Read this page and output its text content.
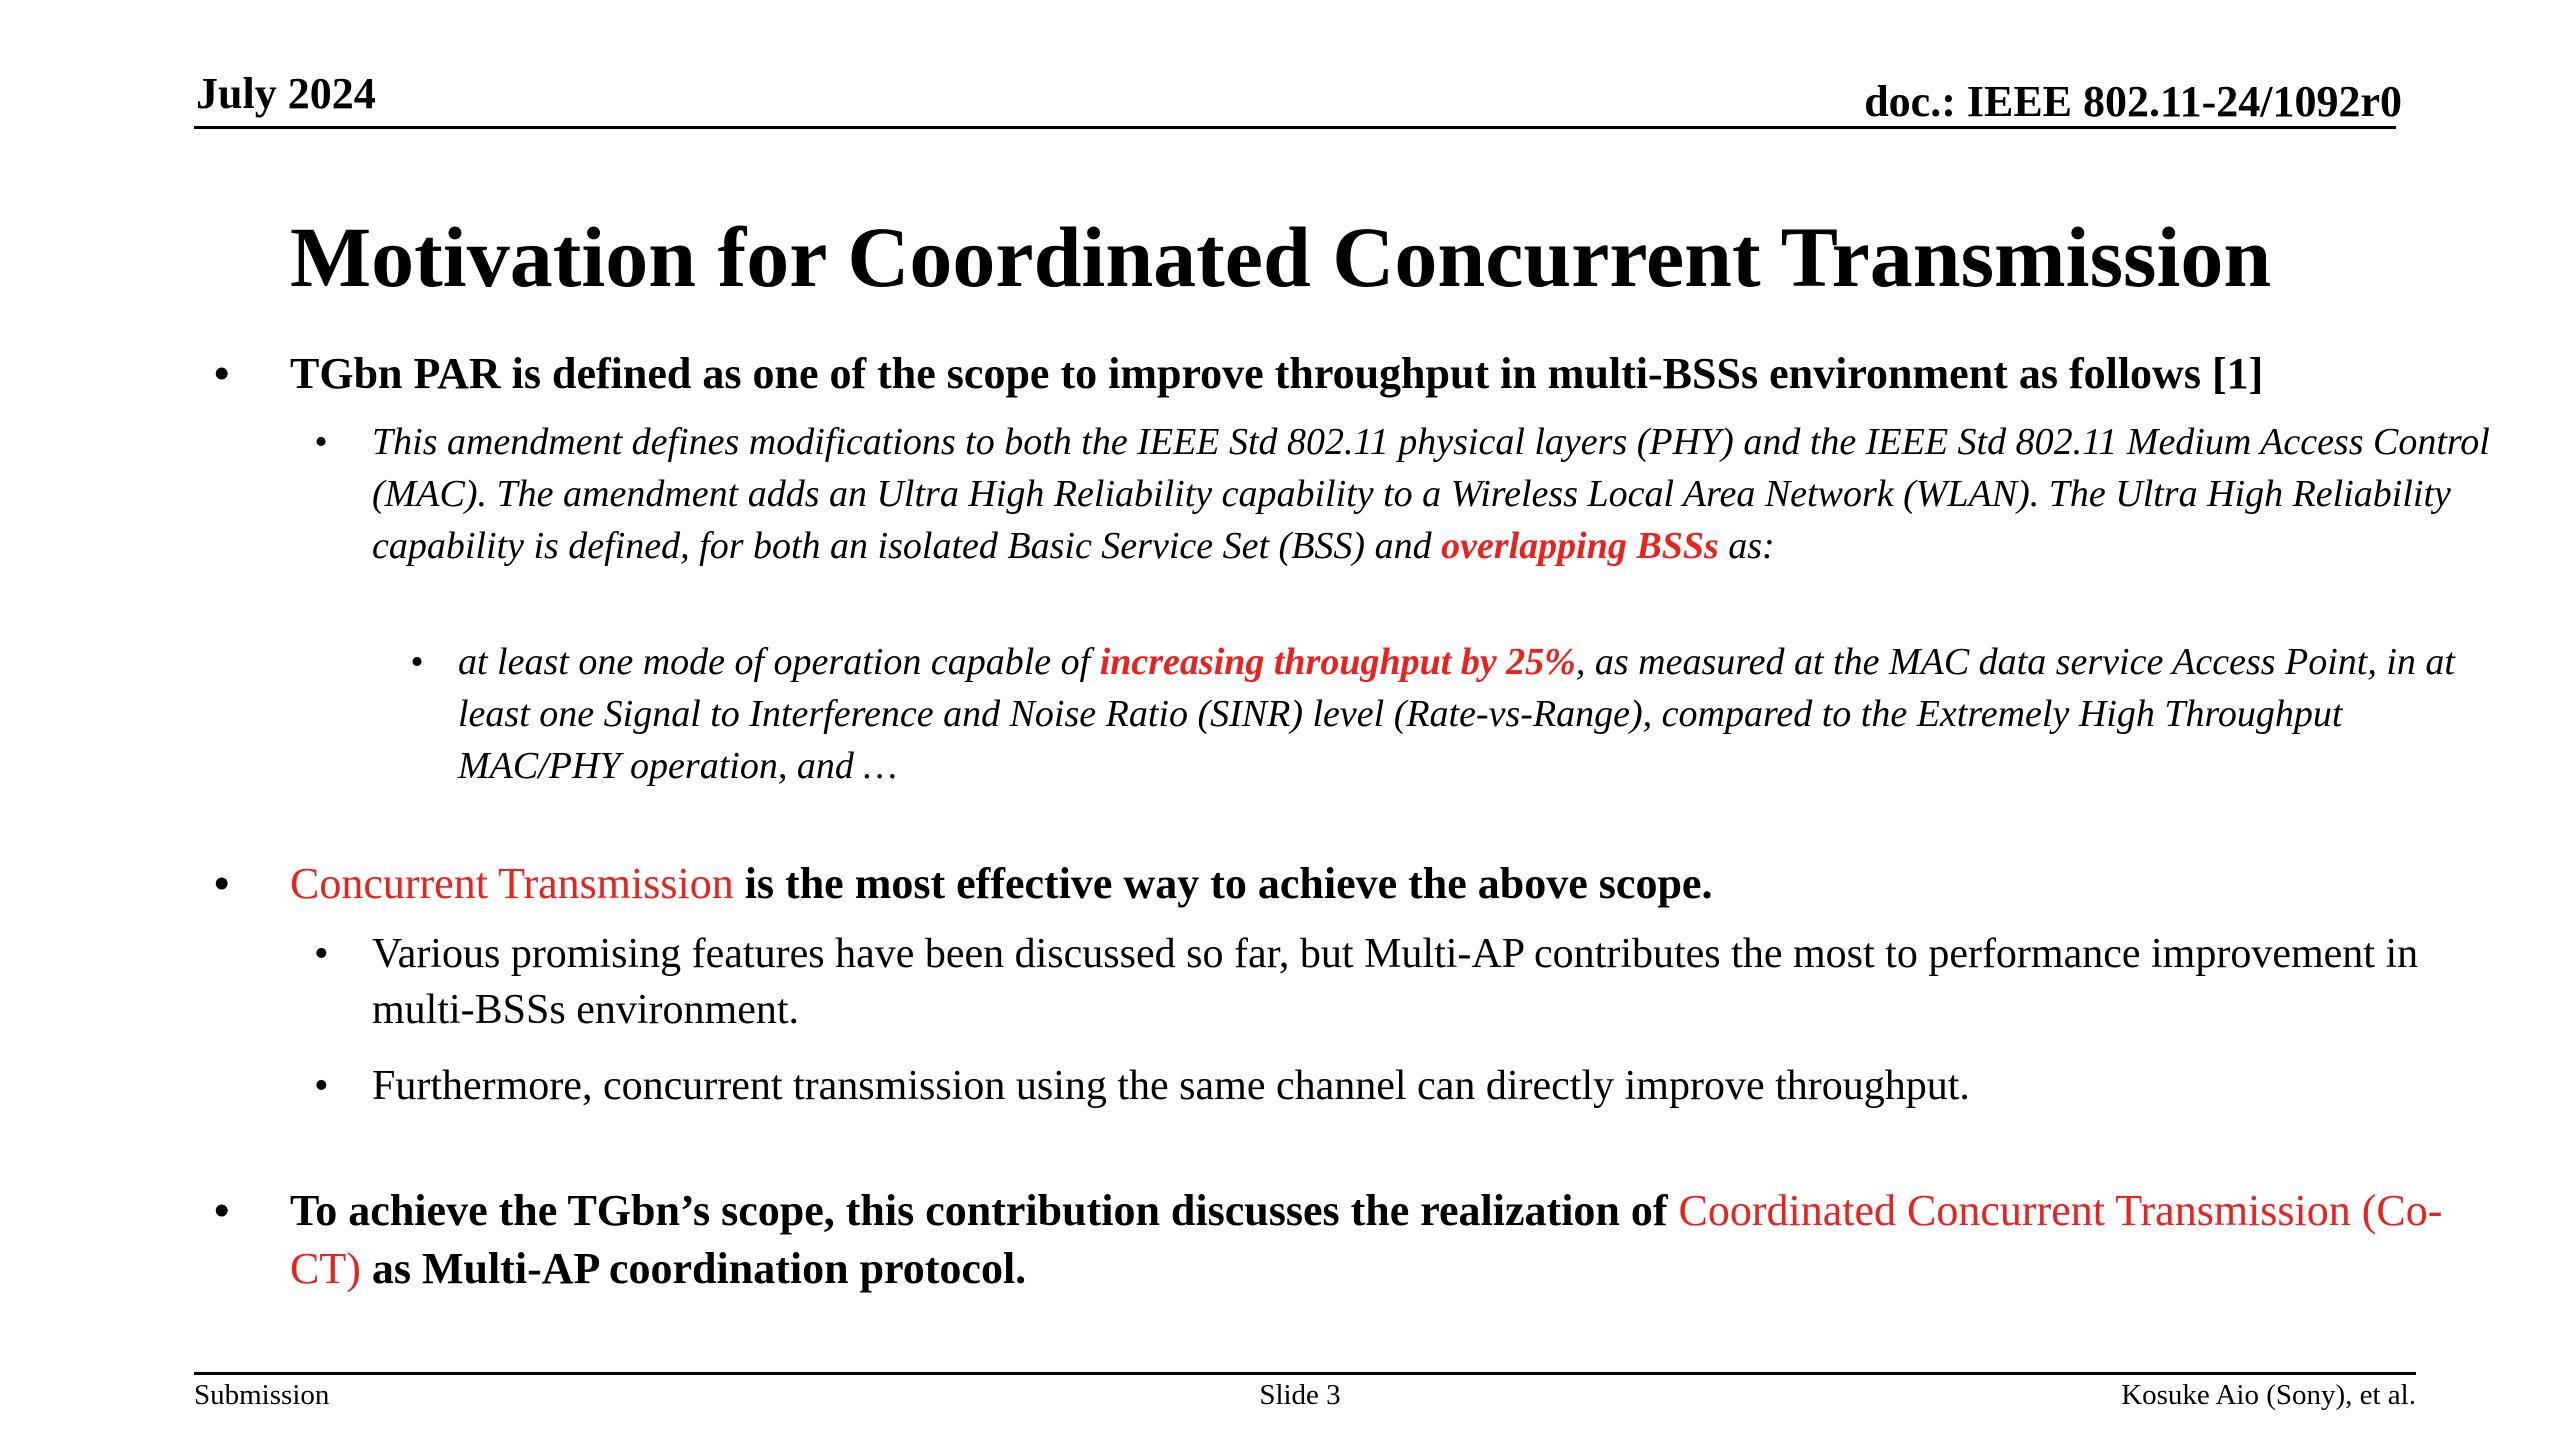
July 2024	doc.: IEEE 802.11-24/1092r0
Motivation for Coordinated Concurrent Transmission
•	TGbn PAR is defined as one of the scope to improve throughput in multi-BSSs environment as follows [1]
•	This amendment defines modifications to both the IEEE Std 802.11 physical layers (PHY) and the IEEE Std 802.11 Medium Access Control (MAC). The amendment adds an Ultra High Reliability capability to a Wireless Local Area Network (WLAN). The Ultra High Reliability capability is defined, for both an isolated Basic Service Set (BSS) and overlapping BSSs as:
• at least one mode of operation capable of increasing throughput by 25%, as measured at the MAC data service Access Point, in at least one Signal to Interference and Noise Ratio (SINR) level (Rate-vs-Range), compared to the Extremely High Throughput MAC/PHY operation, and …
•	Concurrent Transmission is the most effective way to achieve the above scope.
•	Various promising features have been discussed so far, but Multi-AP contributes the most to performance improvement in multi-BSSs environment.
•	Furthermore, concurrent transmission using the same channel can directly improve throughput.
•	To achieve the TGbn’s scope, this contribution discusses the realization of Coordinated Concurrent Transmission (Co-CT) as Multi-AP coordination protocol.
Submission	Slide 3	Kosuke Aio (Sony), et al.
